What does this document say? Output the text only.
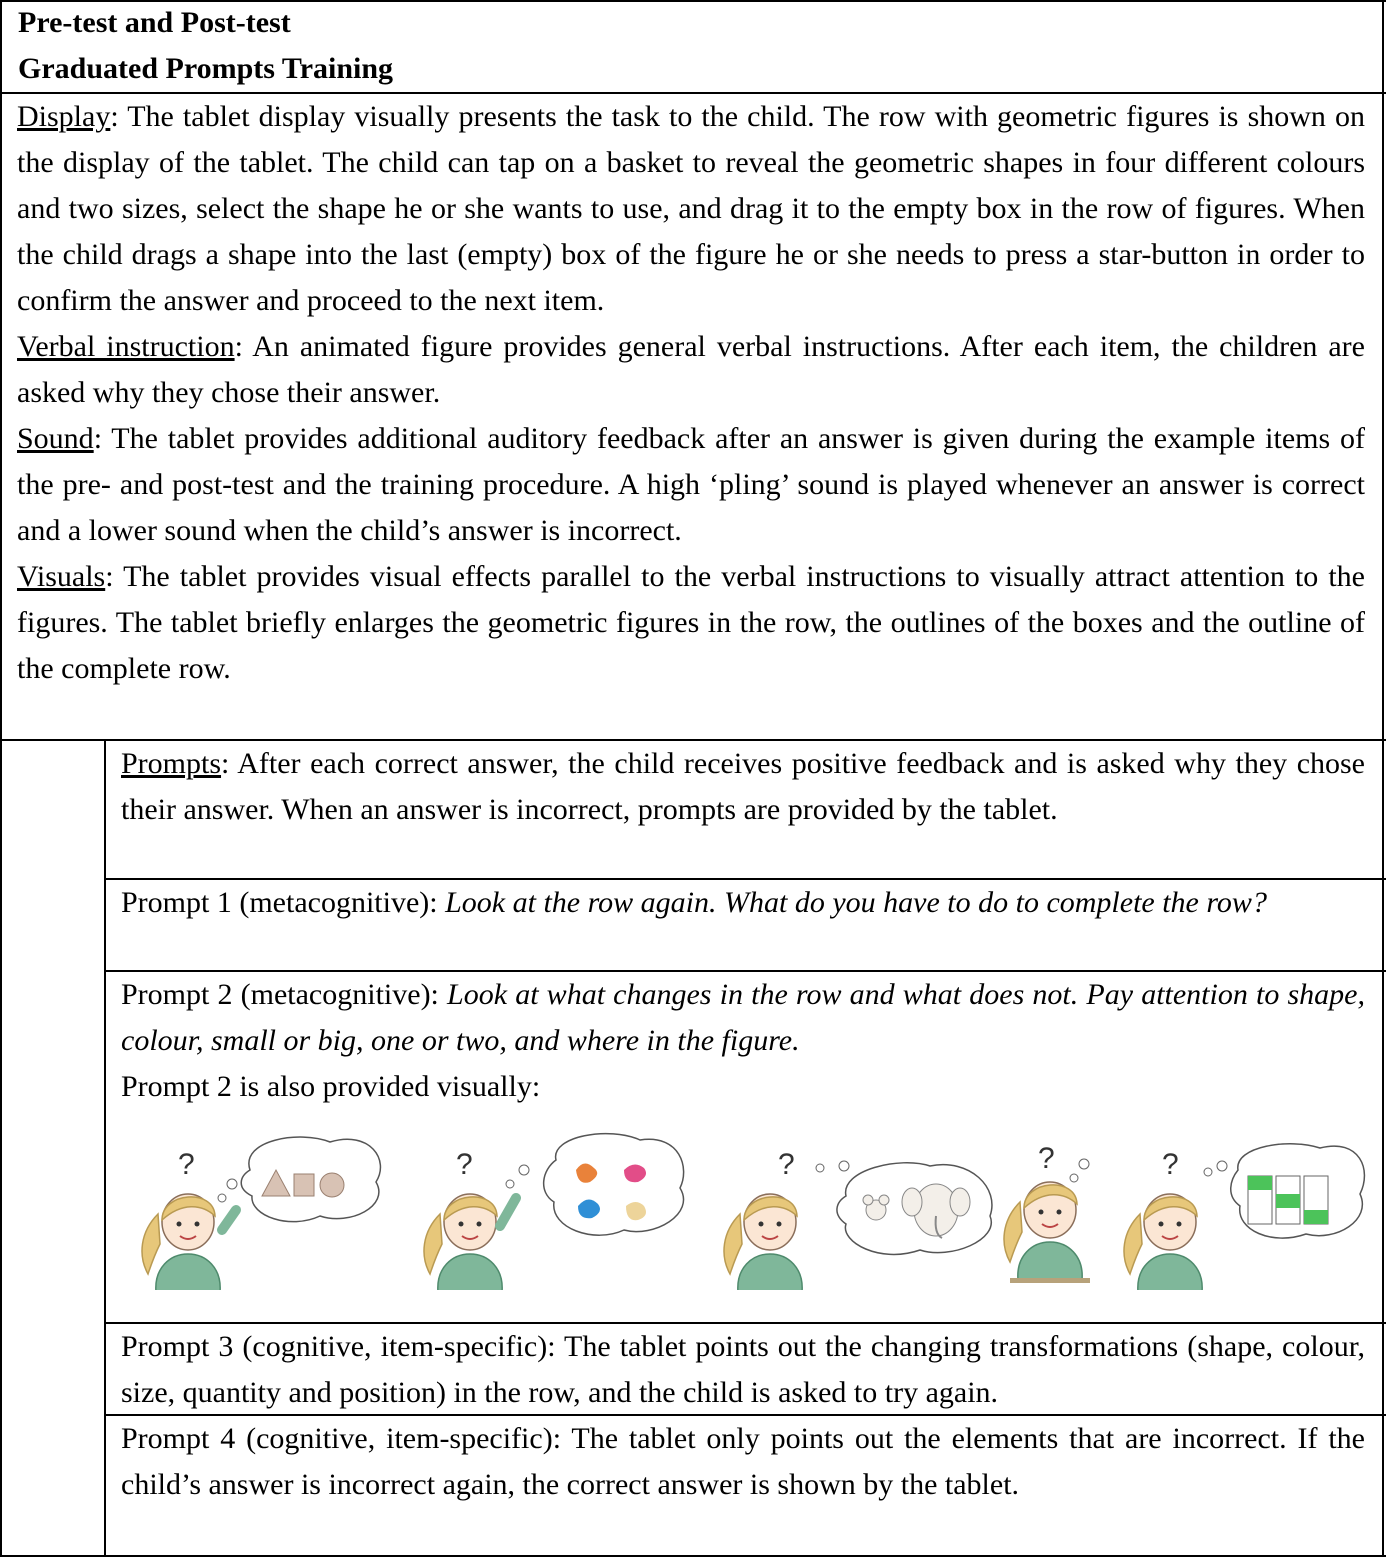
Pre-test and Post-test
Graduated Prompts Training
Display: The tablet display visually presents the task to the child. The row with geometric figures is shown on the display of the tablet. The child can tap on a basket to reveal the geometric shapes in four different colours and two sizes, select the shape he or she wants to use, and drag it to the empty box in the row of figures. When the child drags a shape into the last (empty) box of the figure he or she needs to press a star-button in order to confirm the answer and proceed to the next item.
Verbal instruction: An animated figure provides general verbal instructions. After each item, the children are asked why they chose their answer.
Sound: The tablet provides additional auditory feedback after an answer is given during the example items of the pre- and post-test and the training procedure. A high ‘pling’ sound is played whenever an answer is correct and a lower sound when the child’s answer is incorrect.
Visuals: The tablet provides visual effects parallel to the verbal instructions to visually attract attention to the figures. The tablet briefly enlarges the geometric figures in the row, the outlines of the boxes and the outline of the complete row.
Prompts: After each correct answer, the child receives positive feedback and is asked why they chose their answer. When an answer is incorrect, prompts are provided by the tablet.
Prompt 1 (metacognitive): Look at the row again. What do you have to do to complete the row?
Prompt 2 (metacognitive): Look at what changes in the row and what does not. Pay attention to shape, colour, small or big, one or two, and where in the figure.
Prompt 2 is also provided visually:
?	?	?	?	?
Prompt 3 (cognitive, item-specific): The tablet points out the changing transformations (shape, colour, size, quantity and position) in the row, and the child is asked to try again.
Prompt 4 (cognitive, item-specific): The tablet only points out the elements that are incorrect. If the child’s answer is incorrect again, the correct answer is shown by the tablet.
